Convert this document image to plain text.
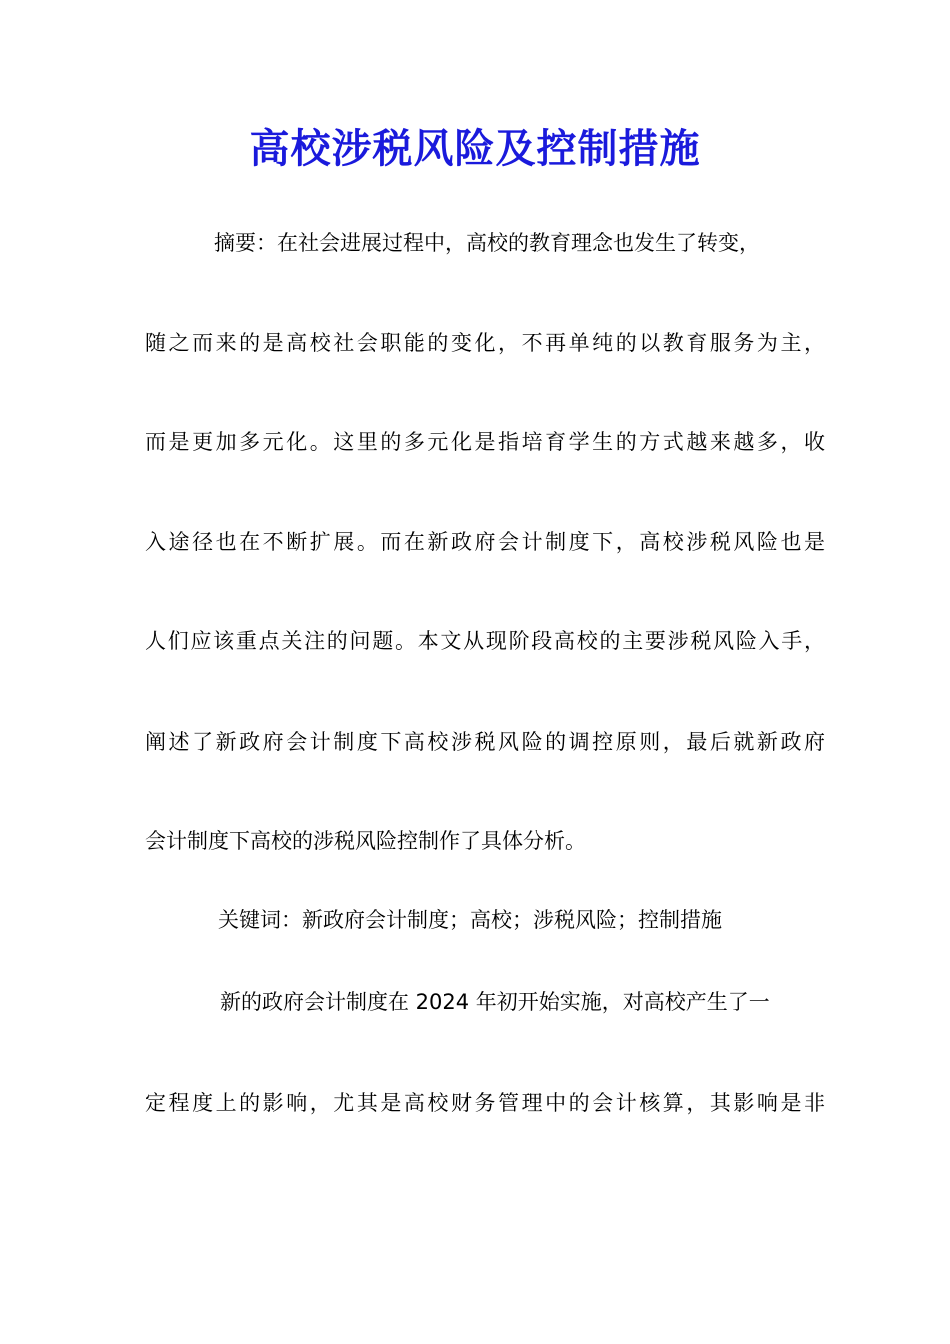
高校涉税风险及控制措施
摘要：在社会进展过程中，高校的教育理念也发生了转变，
随之而来的是高校社会职能的变化，不再单纯的以教育服务为主，
而是更加多元化。这里的多元化是指培育学生的方式越来越多，收
入途径也在不断扩展。而在新政府会计制度下，高校涉税风险也是
人们应该重点关注的问题。本文从现阶段高校的主要涉税风险入手，
阐述了新政府会计制度下高校涉税风险的调控原则，最后就新政府
会计制度下高校的涉税风险控制作了具体分析。
关键词：新政府会计制度；高校；涉税风险；控制措施
新的政府会计制度在 2024 年初开始实施，对高校产生了一
定程度上的影响，尤其是高校财务管理中的会计核算，其影响是非
